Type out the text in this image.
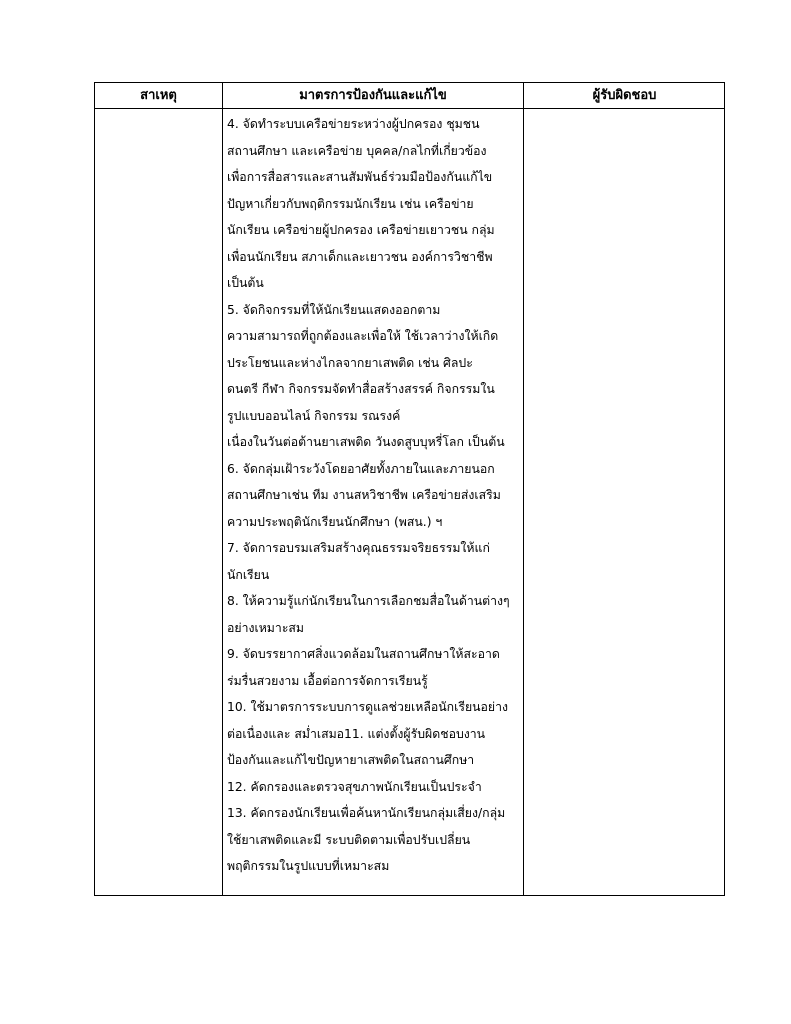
สาเหตุ	มาตรการป้องกันและแก้ไข	ผู้รับผิดชอบ
4. จัดทำระบบเครือข่ายระหว่างผู้ปกครอง ชุมชน
สถานศึกษา และเครือข่าย บุคคล/กลไกที่เกี่ยวข้อง
เพื่อการสื่อสารและสานสัมพันธ์ร่วมมือป้องกันแก้ไข
ปัญหาเกี่ยวกับพฤติกรรมนักเรียน เช่น เครือข่าย
นักเรียน เครือข่ายผู้ปกครอง เครือข่ายเยาวชน กลุ่ม
เพื่อนนักเรียน สภาเด็กและเยาวชน องค์การวิชาชีพ
เป็นต้น
5. จัดกิจกรรมที่ให้นักเรียนแสดงออกตาม
ความสามารถที่ถูกต้องและเพื่อให้ ใช้เวลาว่างให้เกิด
ประโยชนและห่างไกลจากยาเสพติด เช่น ศิลปะ
ดนตรี กีฬา กิจกรรมจัดทำสื่อสร้างสรรค์ กิจกรรมใน
รูปแบบออนไลน์ กิจกรรม รณรงค์
เนื่องในวันต่อต้านยาเสพติด วันงดสูบบุหรี่โลก เป็นต้น
6. จัดกลุ่มเฝ้าระวังโดยอาศัยทั้งภายในและภายนอก
สถานศึกษาเช่น ทีม งานสหวิชาชีพ เครือข่ายส่งเสริม
ความประพฤตินักเรียนนักศึกษา (พสน.) ฯ
7. จัดการอบรมเสริมสร้างคุณธรรมจริยธรรมให้แก่
นักเรียน
8. ให้ความรู้แก่นักเรียนในการเลือกชมสื่อในด้านต่างๆ
อย่างเหมาะสม
9. จัดบรรยากาศสิ่งแวดล้อมในสถานศึกษาให้สะอาด
ร่มรื่นสวยงาม เอื้อต่อการจัดการเรียนรู้
10. ใช้มาตรการระบบการดูแลช่วยเหลือนักเรียนอย่าง
ต่อเนื่องและ สม่ำเสมอ11. แต่งตั้งผู้รับผิดชอบงาน
ป้องกันและแก้ไขปัญหายาเสพติดในสถานศึกษา
12. คัดกรองและตรวจสุขภาพนักเรียนเป็นประจำ
13. คัดกรองนักเรียนเพื่อค้นหานักเรียนกลุ่มเสี่ยง/กลุ่ม
ใช้ยาเสพติดและมี ระบบติดตามเพื่อปรับเปลี่ยน
พฤติกรรมในรูปแบบที่เหมาะสม
